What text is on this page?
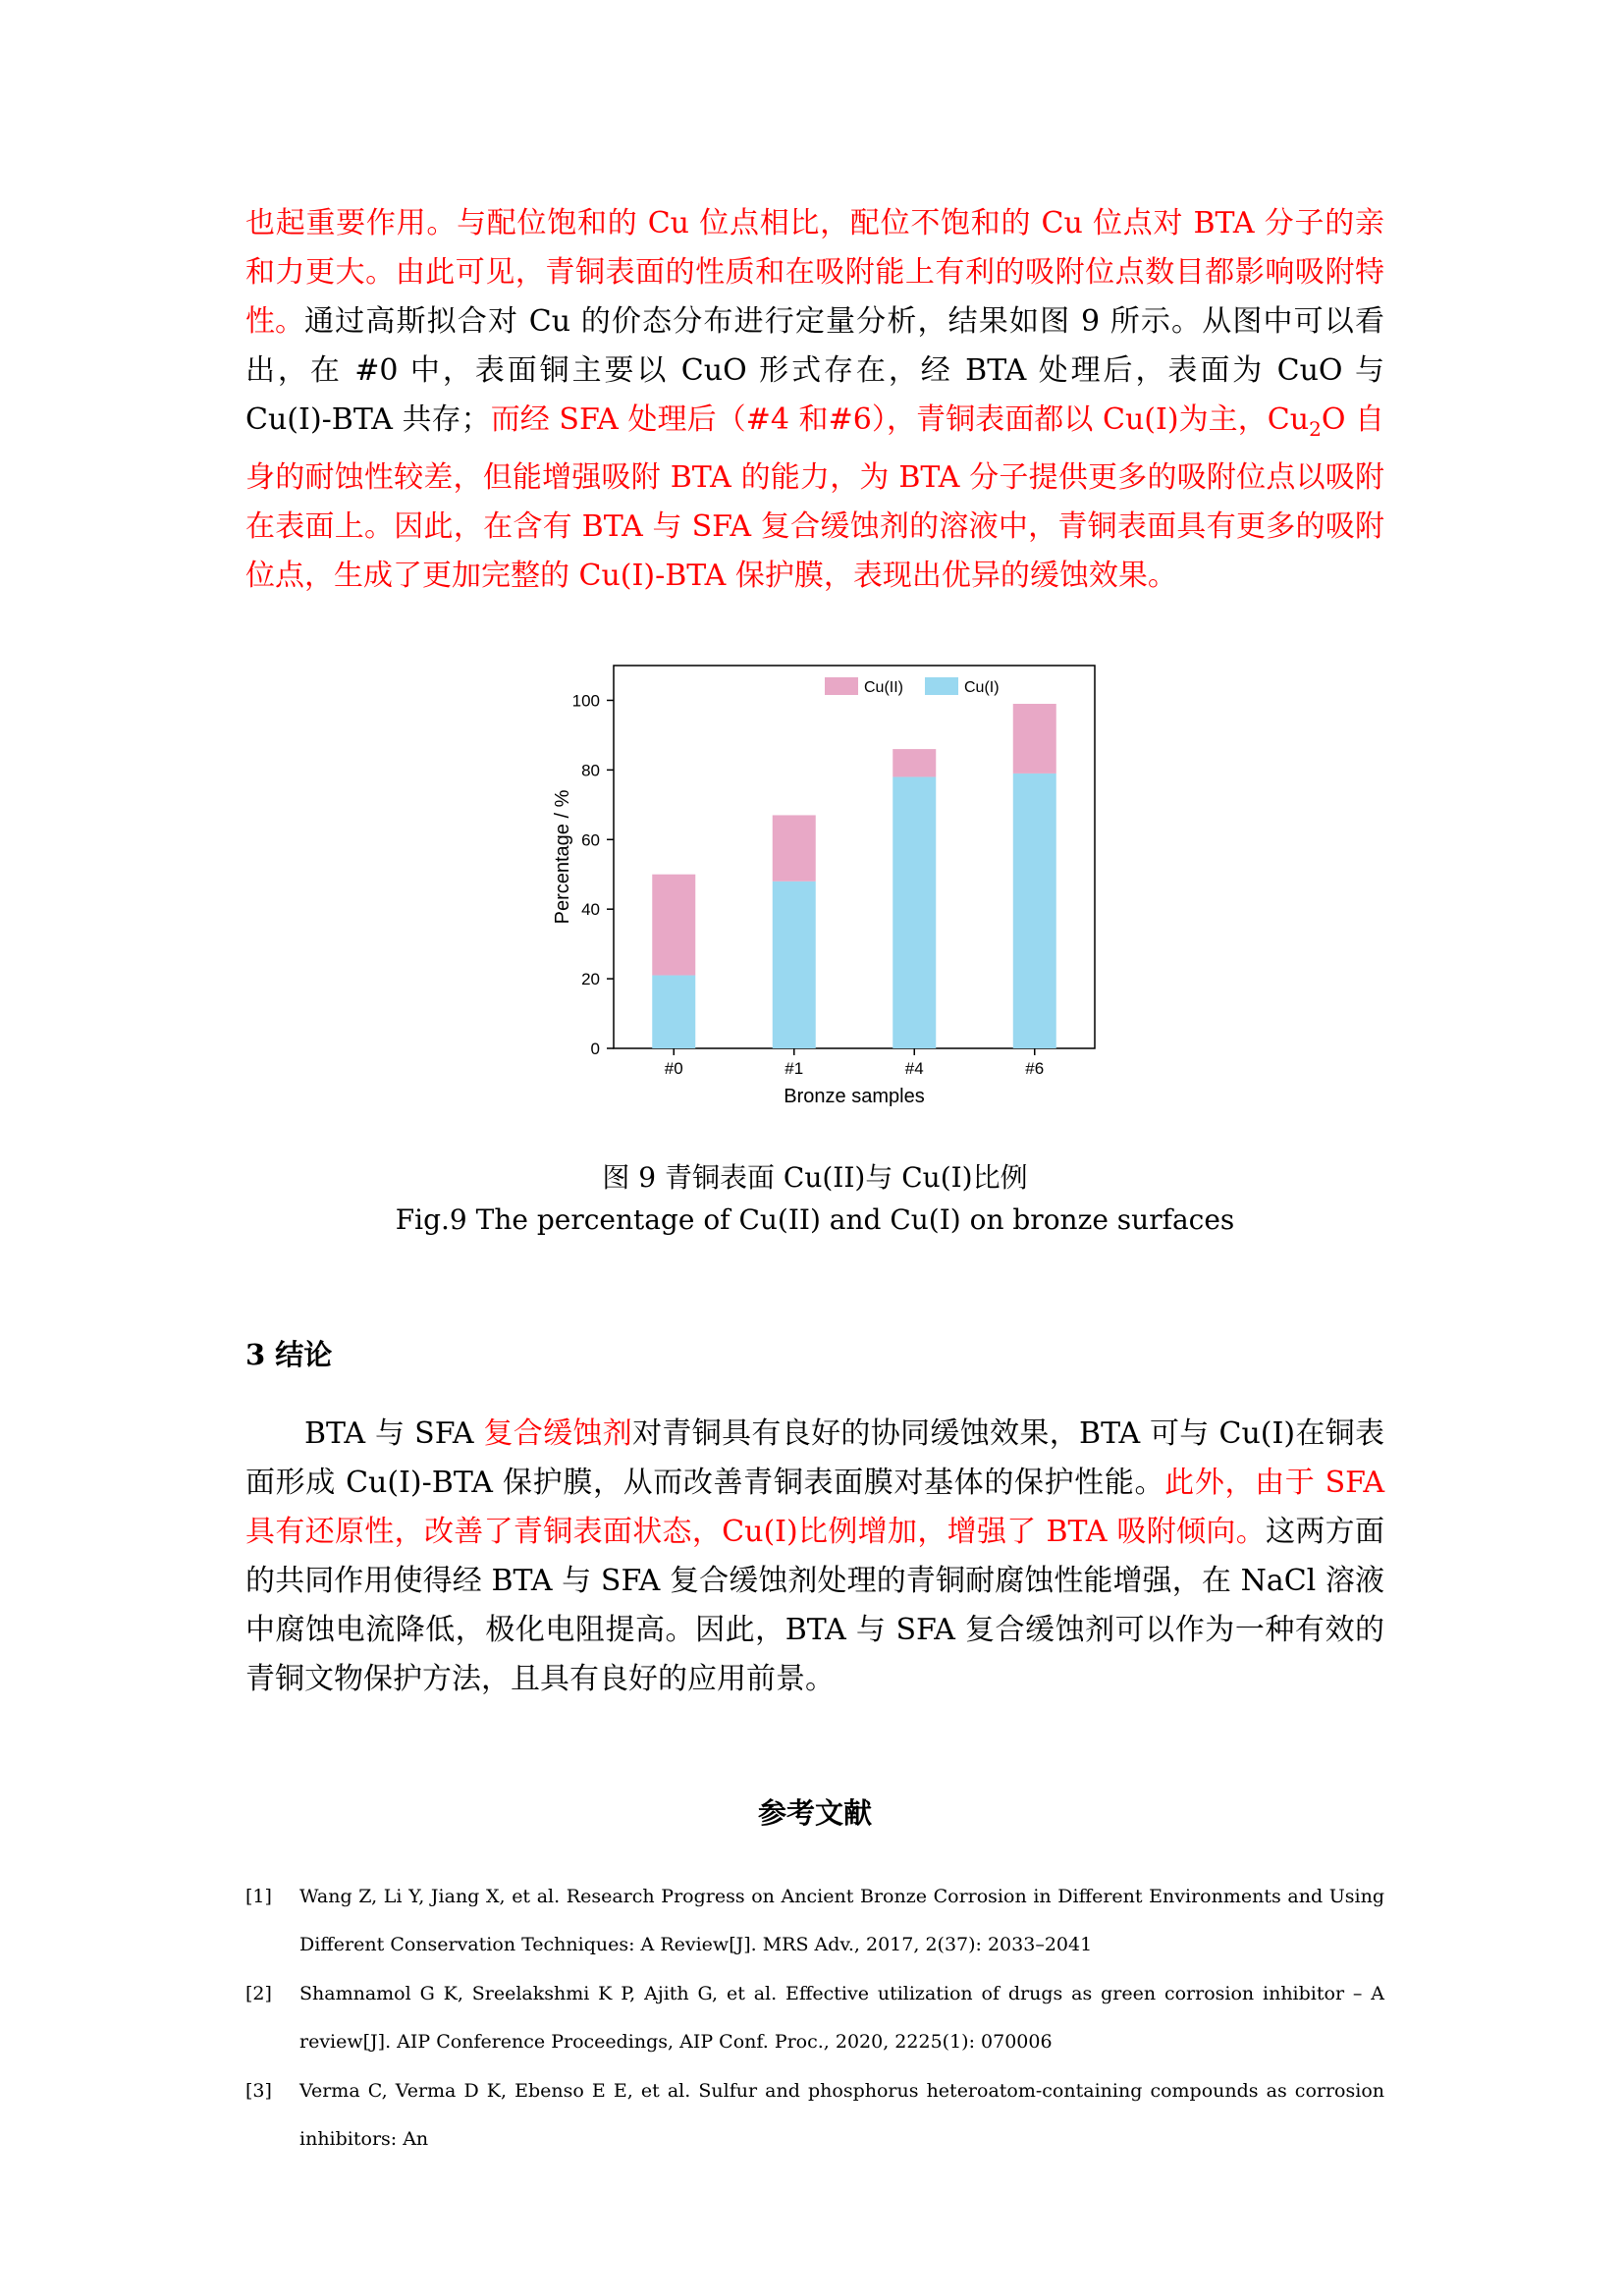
也起重要作用。与配位饱和的 Cu 位点相比，配位不饱和的 Cu 位点对 BTA 分子的亲和力更大。由此可见，青铜表面的性质和在吸附能上有利的吸附位点数目都影响吸附特性。 通过高斯拟合对 Cu 的价态分布进行定量分析，结果如图 9 所示。从图中可以看出，在 #0 中，表面铜主要以 CuO 形式存在，经 BTA 处理后，表面为 CuO 与 Cu(Ⅰ)-BTA 共存；而经 SFA 处理后（#4 和#6），青铜表面都以 Cu(I)为主，$Cu_2O$ 自身的耐蚀性较差，但能增强吸附 BTA 的能力，为 BTA 分子提供更多的吸附位点以吸附在表面上。因此，在含有 BTA 与 SFA 复合缓蚀剂的溶液中，青铜表面具有更多的吸附位点，生成了更加完整的 Cu(Ⅰ)-BTA 保护膜，表现出优异的缓蚀效果。

0
20
40
60
80
100
#0	#1	#4	#6
Bronze samples
Percentage / %
Cu(II)	Cu(I)

图 9 青铜表面 Cu(II)与 Cu(I)比例

Fig.9 The percentage of Cu(II) and Cu(I) on bronze surfaces

3 结论

BTA 与 SFA 复合缓蚀剂对青铜具有良好的协同缓蚀效果，BTA 可与 Cu(I)在铜表面形成 Cu(I)-BTA 保护膜，从而改善青铜表面膜对基体的保护性能。此外，由于 SFA 具有还原性，改善了青铜表面状态，Cu(I)比例增加，增强了 BTA 吸附倾向。这两方面的共同作用使得经 BTA 与 SFA 复合缓蚀剂处理的青铜耐腐蚀性能增强，在 NaCl 溶液中腐蚀电流降低，极化电阻提高。因此，BTA 与 SFA 复合缓蚀剂可以作为一种有效的青铜文物保护方法，且具有良好的应用前景。

参考文献

[1] Wang Z, Li Y, Jiang X, et al. Research Progress on Ancient Bronze Corrosion in Different Environments and Using Different Conservation Techniques: A Review[J]. MRS Adv., 2017, 2(37): 2033–2041
[2] Shamnamol G K, Sreelakshmi K P, Ajith G, et al. Effective utilization of drugs as green corrosion inhibitor – A review[J]. AIP Conference Proceedings, AIP Conf. Proc., 2020, 2225(1): 070006
[3] Verma C, Verma D K, Ebenso E E, et al. Sulfur and phosphorus heteroatom-containing compounds as corrosion inhibitors: An
